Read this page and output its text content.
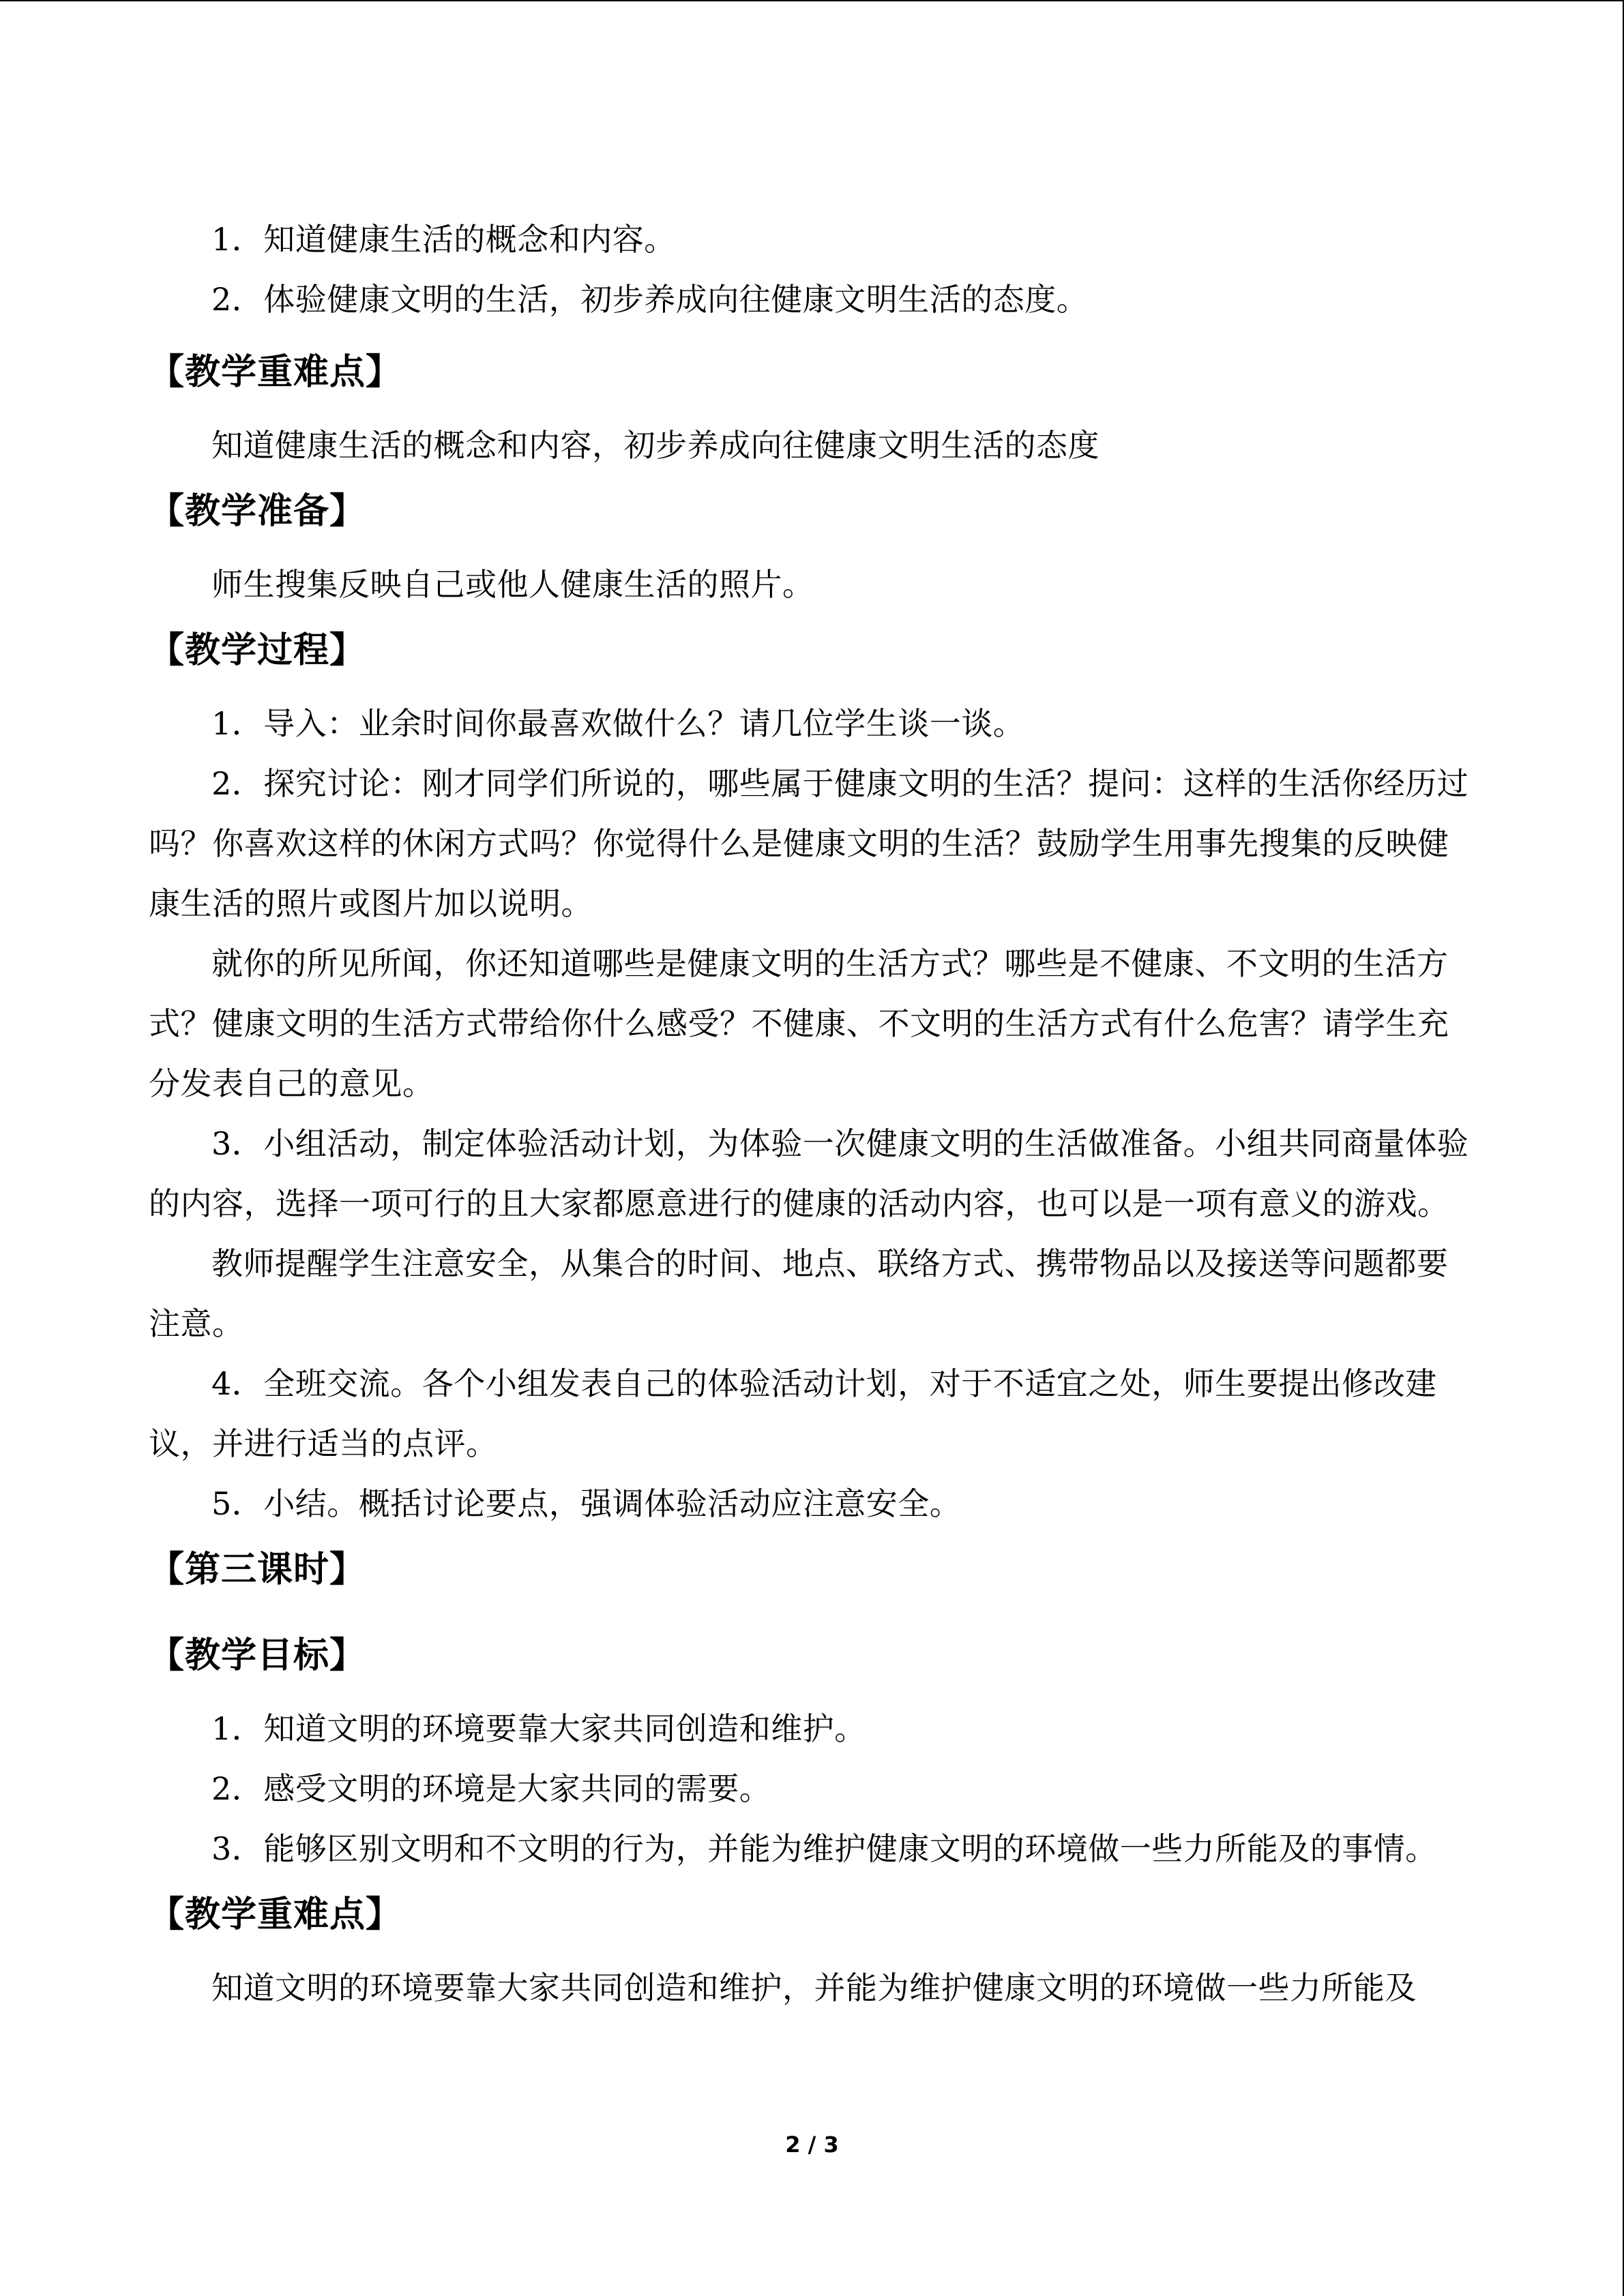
1．知道健康生活的概念和内容。

2．体验健康文明的生活，初步养成向往健康文明生活的态度。

【教学重难点】

知道健康生活的概念和内容，初步养成向往健康文明生活的态度

【教学准备】

师生搜集反映自己或他人健康生活的照片。

【教学过程】

1．导入：业余时间你最喜欢做什么？请几位学生谈一谈。

2．探究讨论：刚才同学们所说的，哪些属于健康文明的生活？提问：这样的生活你经历过吗？你喜欢这样的休闲方式吗？你觉得什么是健康文明的生活？鼓励学生用事先搜集的反映健康生活的照片或图片加以说明。

就你的所见所闻，你还知道哪些是健康文明的生活方式？哪些是不健康、不文明的生活方式？健康文明的生活方式带给你什么感受？不健康、不文明的生活方式有什么危害？请学生充分发表自己的意见。

3．小组活动，制定体验活动计划，为体验一次健康文明的生活做准备。小组共同商量体验的内容，选择一项可行的且大家都愿意进行的健康的活动内容，也可以是一项有意义的游戏。

教师提醒学生注意安全，从集合的时间、地点、联络方式、携带物品以及接送等问题都要注意。

4．全班交流。各个小组发表自己的体验活动计划，对于不适宜之处，师生要提出修改建议，并进行适当的点评。

5．小结。概括讨论要点，强调体验活动应注意安全。

【第三课时】
【教学目标】

1．知道文明的环境要靠大家共同创造和维护。

2．感受文明的环境是大家共同的需要。

3．能够区别文明和不文明的行为，并能为维护健康文明的环境做一些力所能及的事情。

【教学重难点】

知道文明的环境要靠大家共同创造和维护，并能为维护健康文明的环境做一些力所能及

2 / 3
